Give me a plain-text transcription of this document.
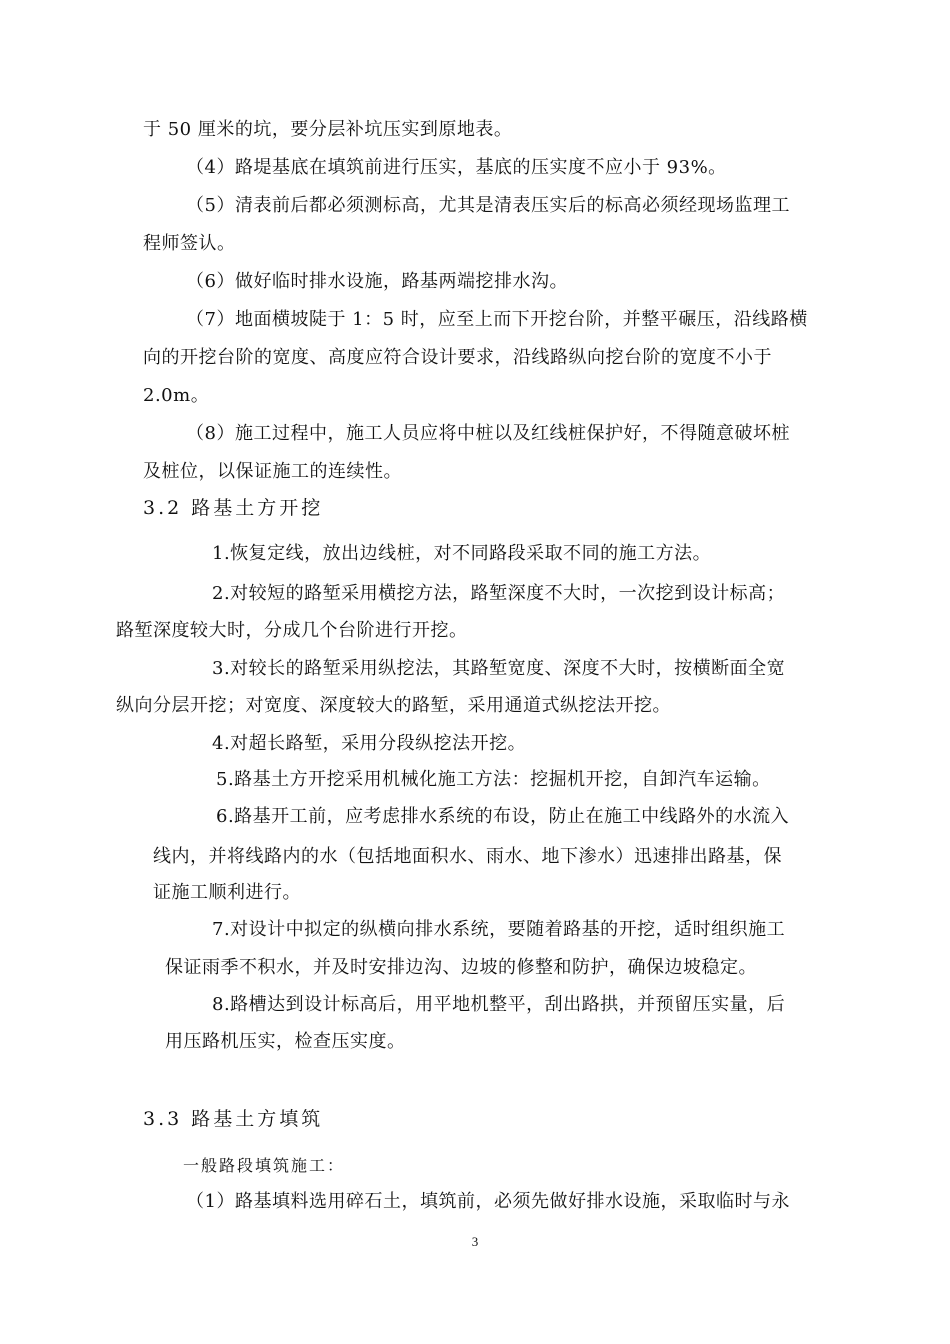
于 50 厘米的坑，要分层补坑压实到原地表。
（4）路堤基底在填筑前进行压实，基底的压实度不应小于 93%。
（5）清表前后都必须测标高，尤其是清表压实后的标高必须经现场监理工
程师签认。
（6）做好临时排水设施，路基两端挖排水沟。
（7）地面横坡陡于 1：5 时，应至上而下开挖台阶，并整平碾压，沿线路横
向的开挖台阶的宽度、高度应符合设计要求，沿线路纵向挖台阶的宽度不小于
2.0m。
（8）施工过程中，施工人员应将中桩以及红线桩保护好，不得随意破坏桩
及桩位，以保证施工的连续性。
3.2 路基土方开挖
1.恢复定线，放出边线桩，对不同路段采取不同的施工方法。
2.对较短的路堑采用横挖方法，路堑深度不大时，一次挖到设计标高；
路堑深度较大时，分成几个台阶进行开挖。
3.对较长的路堑采用纵挖法，其路堑宽度、深度不大时，按横断面全宽
纵向分层开挖；对宽度、深度较大的路堑，采用通道式纵挖法开挖。
4.对超长路堑，采用分段纵挖法开挖。
5.路基土方开挖采用机械化施工方法：挖掘机开挖，自卸汽车运输。
6.路基开工前，应考虑排水系统的布设，防止在施工中线路外的水流入
线内，并将线路内的水（包括地面积水、雨水、地下渗水）迅速排出路基，保
证施工顺利进行。
7.对设计中拟定的纵横向排水系统，要随着路基的开挖，适时组织施工
保证雨季不积水，并及时安排边沟、边坡的修整和防护，确保边坡稳定。
8.路槽达到设计标高后，用平地机整平，刮出路拱，并预留压实量，后
用压路机压实，检查压实度。
3.3 路基土方填筑
一般路段填筑施工：
（1）路基填料选用碎石土，填筑前，必须先做好排水设施，采取临时与永
3
